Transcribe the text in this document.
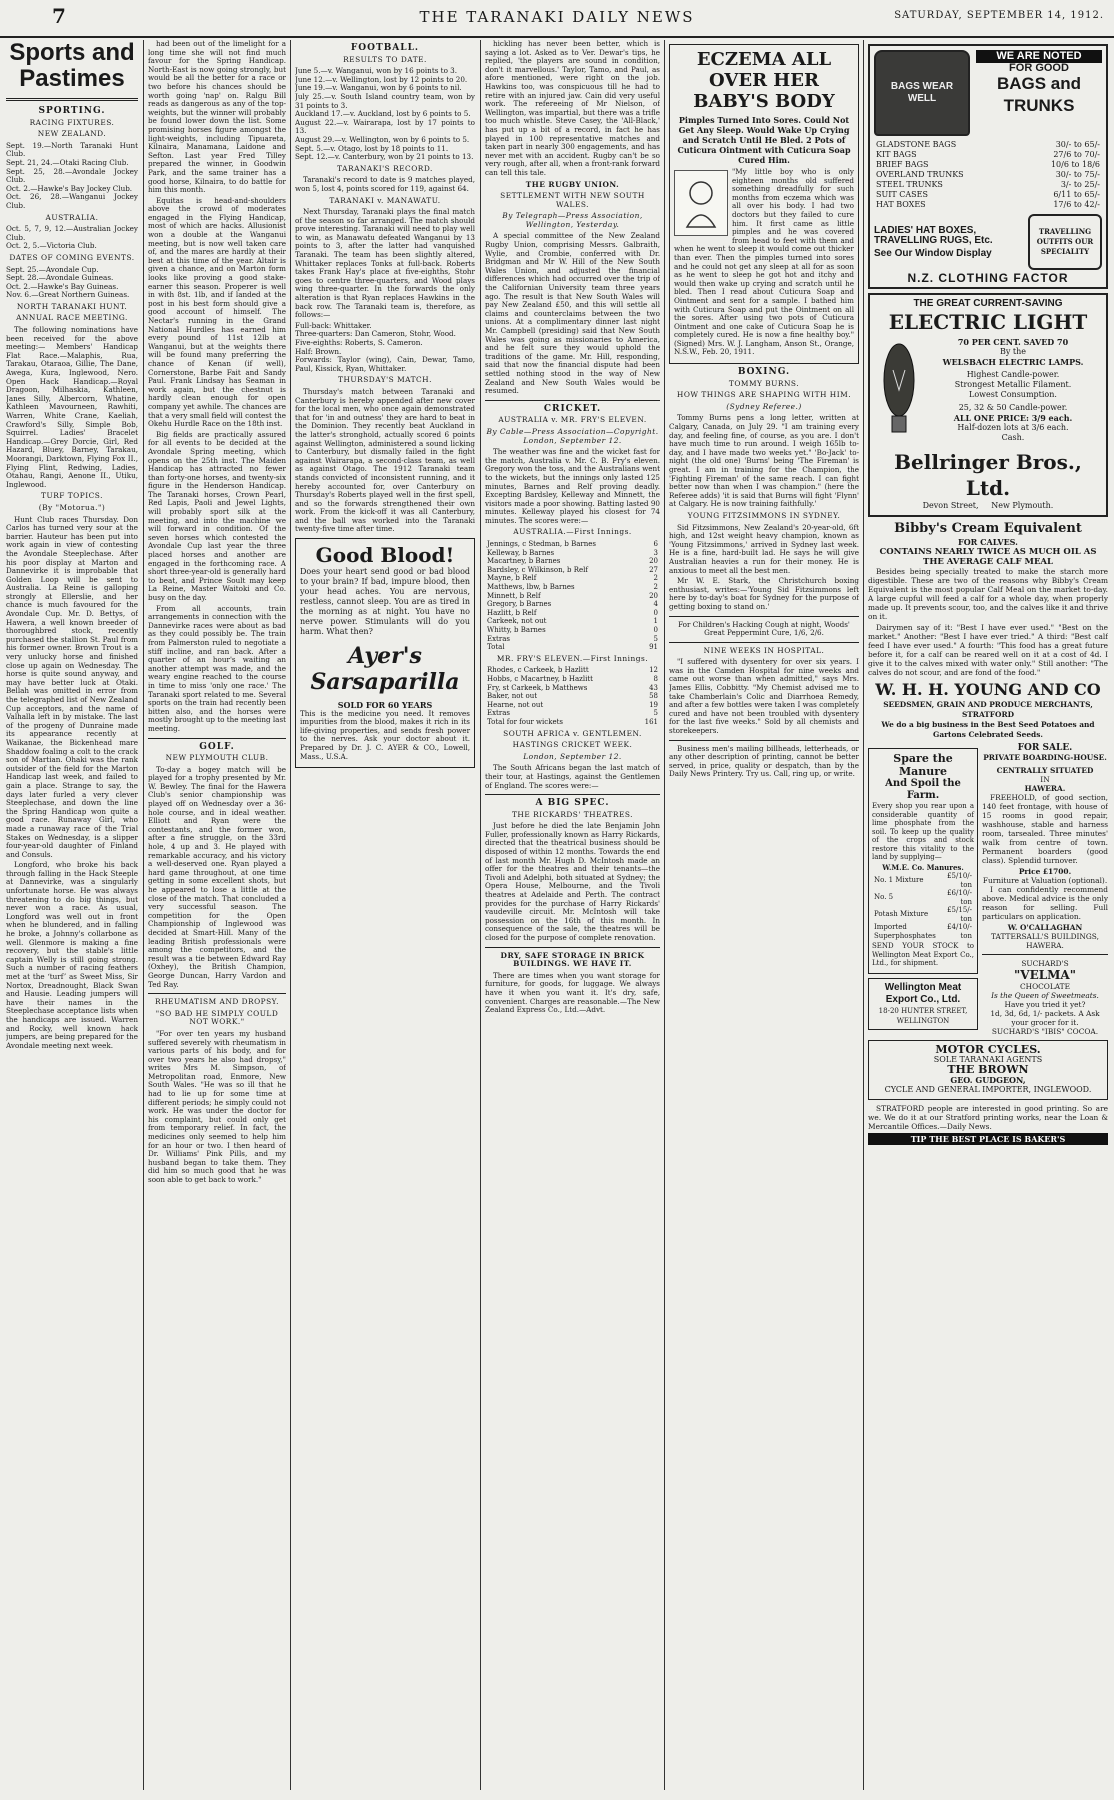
7	THE TARANAKI DAILY NEWS	SATURDAY, SEPTEMBER 14, 1912.
Sports and Pastimes
SPORTING.
RACING FIXTURES.
NEW ZEALAND.
Sept. 19.—North Taranaki Hunt Club.
Sept. 21, 24.—Otaki Racing Club.
Sept. 25, 28.—Avondale Jockey Club.
Oct. 2.—Hawke's Bay Jockey Club.
Oct. 26, 28.—Wanganui Jockey Club.
AUSTRALIA.
Oct. 5, 7, 9, 12.—Australian Jockey Club.
Oct. 2, 5.—Victoria Club.
DATES OF COMING EVENTS.
Sept. 25.—Avondale Cup.
Sept. 28.—Avondale Guineas.
Oct. 2.—Hawke's Bay Guineas.
Nov. 6.—Great Northern Guineas.
NORTH TARANAKI HUNT.
ANNUAL RACE MEETING.

The following nominations have been received for the above meeting:— Members' Handicap Flat Race.—Malaphis, Rua, Tarakau, Otaraoa, Gillie, The Dane, Awega, Kura, Inglewood, Nero. Open Hack Handicap.—Royal Dragoon, Milhaskia, Kathleen, Janes Silly, Albercorn, Whatine, Kathleen Mavourneen, Rawhiti, Warren, White Crane, Kaeliah, Crawford's Silly, Simple Bob, Squirrel. Ladies' Bracelet Handicap.—Grey Dorcie, Girl, Red Hazard, Bluey, Barney, Tarakau, Moorangi, Darktown, Flying Fox II., Flying Flint, Redwing, Ladies, Otahau, Rangi, Aenone II., Utiku, Inglewood.

TURF TOPICS.
(By "Motorua.")

Hunt Club races Thursday. Don Carlos has turned very sour at the barrier. Hauteur has been put into work again in view of contesting the Avondale Steeplechase. After his poor display at Marton and Dannevirke it is improbable that Golden Loop will be sent to Australia. La Reine is galloping strongly at Ellerslie, and her chance is much favoured for the Avondale Cup. Mr. D. Bettys, of Hawera, a well known breeder of thoroughbred stock, recently purchased the stallion St. Paul from his former owner. Brown Trout is a very unlucky horse and finished close up again on Wednesday. The horse is quite sound anyway, and may have better luck at Otaki. Bellah was omitted in error from the telegraphed list of New Zealand Cup acceptors, and the name of Valhalla left in by mistake. The last of the progeny of Dunraine made its appearance recently at Waikanae, the Bickenhead mare Shaddow foaling a colt to the crack son of Martian. Ohaki was the rank outsider of the field for the Marton Handicap last week, and failed to gain a place. Strange to say, the days later furled a very clever Steeplechase, and down the line the Spring Handicap won quite a good race. Runaway Girl, who made a runaway race of the Trial Stakes on Wednesday, is a slipper four-year-old daughter of Finland and Consuls.

Longford, who broke his back through falling in the Hack Steeple at Dannevirke, was a singularly unfortunate horse. He was always threatening to do big things, but never won a race. As usual, Longford was well out in front when he blundered, and in falling he broke, a Johnny's collarbone as well. Glenmore is making a fine recovery, but the stable's little captain Welly is still going strong. Such a number of racing feathers met at the ‘turf’ as Sweet Miss, Sir Nortox, Dreadnought, Black Swan and Hausie. Leading jumpers will have their names in the Steeplechase acceptance lists when the handicaps are issued. Warren and Rocky, well known hack jumpers, are being prepared for the Avondale meeting next week.

had been out of the limelight for a long time she will not find much favour for the Spring Handicap. North-East is now going strongly, but would be all the better for a race or two before his chances should be worth going 'nap' on. Ralgu Bill reads as dangerous as any of the top-weights, but the winner will probably be found lower down the list. Some promising horses figure amongst the light-weights, including Tipuareta, Kilnaira, Manamana, Laidone and Sefton. Last year Fred Tilley prepared the winner, in Goodwin Park, and the same trainer has a good horse, Kilnaira, to do battle for him this month.

Equitas is head-and-shoulders above the crowd of moderates engaged in the Flying Handicap, most of which are hacks. Allusionist won a double at the Wanganui meeting, but is now well taken care of, and the mares are hardly at their best at this time of the year. Altair is given a chance, and on Marton form looks like proving a good stake-earner this season. Properer is well in with 8st. 1lb, and if landed at the post in his best form should give a good account of himself. The Nectar's running in the Grand National Hurdles has earned him every pound of 11st 12lb at Wanganui, but at the weights there will be found many preferring the chance of Kenan (if well), Cornerstone, Barbe Fait and Sandy Paul. Frank Lindsay has Seaman in work again, but the chestnut is hardly clean enough for open company yet awhile. The chances are that a very small field will contest the Okehu Hurdle Race on the 18th inst.

Big fields are practically assured for all events to be decided at the Avondale Spring meeting, which opens on the 25th inst. The Maiden Handicap has attracted no fewer than forty-one horses, and twenty-six figure in the Henderson Handicap. The Taranaki horses, Crown Pearl, Red Lapis, Paoli and Jewel Lights, will probably sport silk at the meeting, and into the machine we will forward in condition. Of the seven horses which contested the Avondale Cup last year the three placed horses and another are engaged in the forthcoming race. A short three-year-old is generally hard to beat, and Prince Soult may keep La Reine, Master Waitoki and Co. busy on the day.

From all accounts, train arrangements in connection with the Dannevirke races were about as bad as they could possibly be. The train from Palmerston ruled to negotiate a stiff incline, and ran back. After a quarter of an hour's waiting an another attempt was made, and the weary engine reached to the course in time to miss 'only one race.' The Taranaki sport related to me. Several sports on the train had recently been bitten also, and the horses were mostly brought up to the meeting last meeting.

GOLF.
NEW PLYMOUTH CLUB.

To-day a bogey match will be played for a trophy presented by Mr. W. Bewley. The final for the Hawera Club's senior championship was played off on Wednesday over a 36-hole course, and in ideal weather. Elliott and Ryan were the contestants, and the former won, after a fine struggle, on the 33rd hole, 4 up and 3. He played with remarkable accuracy, and his victory a well-deserved one. Ryan played a hard game throughout, at one time getting in some excellent shots, but he appeared to lose a little at the close of the match. That concluded a very successful season. The competition for the Open Championship of Inglewood was decided at Smart-Hill. Many of the leading British professionals were among the competitors, and the result was a tie between Edward Ray (Oxhey), the British Champion, George Duncan, Harry Vardon and Ted Ray.

RHEUMATISM AND DROPSY.
"SO BAD HE SIMPLY COULD NOT WORK."

"For over ten years my husband suffered severely with rheumatism in various parts of his body, and for over two years he also had dropsy," writes Mrs M. Simpson, of Metropolitan road, Enmore, New South Wales. "He was so ill that he had to lie up for some time at different periods; he simply could not work. He was under the doctor for his complaint, but could only get from temporary relief. In fact, the medicines only seemed to help him for an hour or two. I then heard of Dr. Williams' Pink Pills, and my husband began to take them. They did him so much good that he was soon able to get back to work."

FOOTBALL.
RESULTS TO DATE.
June 5.—v. Wanganui, won by 16 points to 3.
June 12.—v. Wellington, lost by 12 points to 20.
June 19.—v. Wanganui, won by 6 points to nil.
July 25.—v. South Island country team, won by 31 points to 3.
Auckland 17.—v. Auckland, lost by 6 points to 5.
August 22.—v. Wairarapa, lost by 17 points to 13.
August 29.—v. Wellington, won by 6 points to 5.
Sept. 5.—v. Otago, lost by 18 points to 11.
Sept. 12.—v. Canterbury, won by 21 points to 13.
TARANAKI'S RECORD.

Taranaki's record to date is 9 matches played, won 5, lost 4, points scored for 119, against 64.

TARANAKI v. MANAWATU.

Next Thursday, Taranaki plays the final match of the season so far arranged. The match should prove interesting. Taranaki will need to play well to win, as Manawatu defeated Wanganui by 13 points to 3, after the latter had vanquished Taranaki. The team has been slightly altered, Whittaker replaces Tonks at full-back. Roberts takes Frank Hay's place at five-eighths, Stohr goes to centre three-quarters, and Wood plays wing three-quarter. In the forwards the only alteration is that Ryan replaces Hawkins in the back row. The Taranaki team is, therefore, as follows:—

Full-back: Whittaker.
Three-quarters: Dan Cameron, Stohr, Wood.
Five-eighths: Roberts, S. Cameron.
Half: Brown.
Forwards: Taylor (wing), Cain, Dewar, Tamo, Paul, Kissick, Ryan, Whittaker.
THURSDAY'S MATCH.

Thursday's match between Taranaki and Canterbury is hereby appended after new cover for the local men, who once again demonstrated that for 'in and outness' they are hard to beat in the Dominion. They recently beat Auckland in the latter's stronghold, actually scored 6 points against Wellington, administered a sound licking to Canterbury, but dismally failed in the fight against Wairarapa, a second-class team, as well as against Otago. The 1912 Taranaki team stands convicted of inconsistent running, and it hereby accounted for, over Canterbury on Thursday's Roberts played well in the first spell, and so the forwards strengthened their own work. From the kick-off it was all Canterbury, and the ball was worked into the Taranaki twenty-five time after time.

Good Blood!

Does your heart send good or bad blood to your brain? If bad, impure blood, then your head aches. You are nervous, restless, cannot sleep. You are as tired in the morning as at night. You have no nerve power. Stimulants will do you harm. What then?

Ayer's Sarsaparilla
SOLD FOR 60 YEARS

This is the medicine you need. It removes impurities from the blood, makes it rich in its life-giving properties, and sends fresh power to the nerves. Ask your doctor about it. Prepared by Dr. J. C. AYER & CO., Lowell, Mass., U.S.A.

hickling has never been better, which is saying a lot. Asked as to Ver. Dewar's tips, he replied, 'the players are sound in condition, don't it marvellous.' Taylor, Tamo, and Paul, as afore mentioned, were right on the job. Hawkins too, was conspicuous till he had to retire with an injured jaw. Cain did very useful work. The refereeing of Mr Nielson, of Wellington, was impartial, but there was a trifle too much whistle. Steve Casey, the 'All-Black,' has put up a bit of a record, in fact he has played in 100 representative matches and taken part in nearly 300 engagements, and has never met with an accident. Rugby can't be so very rough, after all, when a front-rank forward can tell this tale.

THE RUGBY UNION.
SETTLEMENT WITH NEW SOUTH WALES.
By Telegraph—Press Association, Wellington, Yesterday.

A special committee of the New Zealand Rugby Union, comprising Messrs. Galbraith, Wylie, and Crombie, conferred with Dr. Bridgman and Mr W. Hill of the New South Wales Union, and adjusted the financial differences which had occurred over the trip of the Californian University team three years ago. The result is that New South Wales will pay New Zealand £50, and this will settle all claims and counterclaims between the two unions. At a complimentary dinner last night Mr. Campbell (presiding) said that New South Wales was going as missionaries to America, and he felt sure they would uphold the traditions of the game. Mr. Hill, responding, said that now the financial dispute had been settled nothing stood in the way of New Zealand and New South Wales would be resumed.

CRICKET.
AUSTRALIA v. MR. FRY'S ELEVEN.
By Cable—Press Association—Copyright. London, September 12.

The weather was fine and the wicket fast for the match, Australia v. Mr. C. B. Fry's eleven. Gregory won the toss, and the Australians went to the wickets, but the innings only lasted 125 minutes, Barnes and Relf proving deadly. Excepting Bardsley, Kelleway and Minnett, the visitors made a poor showing. Batting lasted 90 minutes. Kelleway played his closest for 74 minutes. The scores were:—

AUSTRALIA.—First Innings.
Jennings, c Stedman, b Barnes	6
Kelleway, b Barnes	3
Macartney, b Barnes	20
Bardsley, c Wilkinson, b Relf	27
Mayne, b Relf	2
Matthews, lbw, b Barnes	2
Minnett, b Relf	20
Gregory, b Barnes	4
Hazlitt, b Relf	0
Carkeek, not out	1
Whitty, b Barnes	0
Extras	5
Total	91
MR. FRY'S ELEVEN.—First Innings.
Rhodes, c Carkeek, b Hazlitt	12
Hobbs, c Macartney, b Hazlitt	8
Fry, st Carkeek, b Matthews	43
Baker, not out	58
Hearne, not out	19
Extras	5
Total for four wickets	161
SOUTH AFRICA v. GENTLEMEN.
HASTINGS CRICKET WEEK.
London, September 12.

The South Africans began the last match of their tour, at Hastings, against the Gentlemen of England. The scores were:—

A BIG SPEC.
THE RICKARDS' THEATRES.

Just before he died the late Benjamin John Fuller, professionally known as Harry Rickards, directed that the theatrical business should be disposed of within 12 months. Towards the end of last month Mr. Hugh D. McIntosh made an offer for the theatres and their tenants—the Tivoli and Adelphi, both situated at Sydney; the Opera House, Melbourne, and the Tivoli theatres at Adelaide and Perth. The contract provides for the purchase of Harry Rickards' vaudeville circuit. Mr. McIntosh will take possession on the 16th of this month. In consequence of the sale, the theatres will be closed for the purpose of complete renovation.

DRY, SAFE STORAGE IN BRICK BUILDINGS. WE HAVE IT.

There are times when you want storage for furniture, for goods, for luggage. We always have it when you want it. It's dry, safe, convenient. Charges are reasonable.—The New Zealand Express Co., Ltd.—Advt.

ECZEMA ALL OVER HER BABY'S BODY
Pimples Turned Into Sores. Could Not Get Any Sleep. Would Wake Up Crying and Scratch Until He Bled. 2 Pots of Cuticura Ointment with Cuticura Soap Cured Him.

"My little boy who is only eighteen months old suffered something dreadfully for such months from eczema which was all over his body. I had two doctors but they failed to cure him. It first came as little pimples and he was covered from head to feet with them and when he went to sleep it would come out thicker than ever. Then the pimples turned into sores and he could not get any sleep at all for as soon as he went to sleep he got hot and itchy and would then wake up crying and scratch until he bled. Then I read about Cuticura Soap and Ointment and sent for a sample. I bathed him with Cuticura Soap and put the Ointment on all the sores. After using two pots of Cuticura Ointment and one cake of Cuticura Soap he is completely cured. He is now a fine healthy boy." (Signed) Mrs. W. J. Langham, Anson St., Orange, N.S.W., Feb. 20, 1911.

BOXING.
TOMMY BURNS.
HOW THINGS ARE SHAPING WITH HIM.
(Sydney Referee.)

Tommy Burns pens a long letter, written at Calgary, Canada, on July 29. "I am training every day, and feeling fine, of course, as you are. I don't have much time to run around. I weigh 165lb to-day, and I have made two weeks yet." 'Bo-Jack' to-night (the old one) 'Burns' being 'The Fireman' is great. I am in training for the Champion, the 'Fighting Fireman' of the same reach. I can fight better now than when I was champion." (here the Referee adds) 'it is said that Burns will fight 'Flynn' at Calgary. He is now training faithfully.'

YOUNG FITZSIMMONS IN SYDNEY.

Sid Fitzsimmons, New Zealand's 20-year-old, 6ft high, and 12st weight heavy champion, known as 'Young Fitzsimmons,' arrived in Sydney last week. He is a fine, hard-built lad. He says he will give Australian heavies a run for their money. He is anxious to meet all the best men.

Mr W. E. Stark, the Christchurch boxing enthusiast, writes:—'Young Sid Fitzsimmons left here by to-day's boat for Sydney for the purpose of getting boxing to stand on.'

For Children's Hacking Cough at night, Woods' Great Peppermint Cure, 1/6, 2/6.
NINE WEEKS IN HOSPITAL.

"I suffered with dysentery for over six years. I was in the Camden Hospital for nine weeks and came out worse than when admitted," says Mrs. James Ellis, Cobbitty. "My Chemist advised me to take Chamberlain's Colic and Diarrhoea Remedy, and after a few bottles were taken I was completely cured and have not been troubled with dysentery for the last five weeks." Sold by all chemists and storekeepers.

Business men's mailing billheads, letterheads, or any other description of printing, cannot be better served, in price, quality or despatch, than by the Daily News Printery. Try us. Call, ring up, or write.

BAGS WEAR WELL
WE ARE NOTED
FOR GOOD
BAGS and TRUNKS
GLADSTONE BAGS	30/- to 65/-
KIT BAGS	27/6 to 70/-
BRIEF BAGS	10/6 to 18/6
OVERLAND TRUNKS	30/- to 75/-
STEEL TRUNKS	3/- to 25/-
SUIT CASES	6/11 to 65/-
HAT BOXES	17/6 to 42/-
LADIES' HAT BOXES, TRAVELLING RUGS, Etc.
See Our Window Display
TRAVELLING OUTFITS OUR SPECIALITY
N.Z. CLOTHING FACTOR
THE GREAT CURRENT-SAVING
ELECTRIC LIGHT
70 PER CENT. SAVED 70
By the
WELSBACH ELECTRIC LAMPS.
Highest Candle-power.
Strongest Metallic Filament.
Lowest Consumption.
25, 32 & 50 Candle-power.
ALL ONE PRICE: 3/9 each.
Half-dozen lots at 3/6 each.
Cash.
Bellringer Bros., Ltd.
Devon Street,     New Plymouth.
Bibby's Cream Equivalent
FOR CALVES.
CONTAINS NEARLY TWICE AS MUCH OIL AS THE AVERAGE CALF MEAL

Besides being specially treated to make the starch more digestible. These are two of the reasons why Bibby's Cream Equivalent is the most popular Calf Meal on the market to-day. A large cupful will feed a calf for a whole day, when properly made up. It prevents scour, too, and the calves like it and thrive on it.

Dairymen say of it: "Best I have ever used." "Best on the market." Another: "Best I have ever tried." A third: "Best calf feed I have ever used." A fourth: "This food has a great future before it, for a calf can be reared well on it at a cost of 4d. I give it to the calves mixed with water only." Still another: "The calves do not scour, and are fond of the food."

W. H. H. YOUNG AND CO
SEEDSMEN, GRAIN AND PRODUCE MERCHANTS, STRATFORD
We do a big business in the Best Seed Potatoes and Gartons Celebrated Seeds.
Spare the Manure
And Spoil the Farm.

Every shop you rear upon a considerable quantity of lime phosphate from the soil. To keep up the quality of the crops and stock restore this vitality to the land by supplying—

W.M.E. Co. Manures.
No. 1 Mixture	£5/10/- ton
No. 5	£6/10/- ton
Potash Mixture	£5/15/- ton
Imported Superphosphates	£4/10/- ton

SEND YOUR STOCK to Wellington Meat Export Co., Ltd., for shipment.

Wellington Meat Export Co., Ltd.
18-20 HUNTER STREET, WELLINGTON
FOR SALE.
PRIVATE BOARDING-HOUSE.
CENTRALLY SITUATED
IN
HAWERA.

FREEHOLD, of good section, 140 feet frontage, with house of 15 rooms in good repair, washhouse, stable and harness room, tarsealed. Three minutes' walk from centre of town. Permanent boarders (good class). Splendid turnover.

Price £1700.
Furniture at Valuation (optional).

I can confidently recommend above. Medical advice is the only reason for selling. Full particulars on application.

W. O'CALLAGHAN
TATTERSALL'S BUILDINGS, HAWERA.
SUCHARD'S
"VELMA"
CHOCOLATE
Is the Queen of Sweetmeats.
Have you tried it yet?
1d, 3d, 6d, 1/- packets. A Ask your grocer for it.
SUCHARD'S "IBIS" COCOA.
MOTOR CYCLES.
SOLE TARANAKI AGENTS
THE BROWN
GEO. GUDGEON,
CYCLE AND GENERAL IMPORTER, INGLEWOOD.

STRATFORD people are interested in good printing. So are we. We do it at our Stratford printing works, near the Loan & Mercantile Offices.—Daily News.

TIP THE BEST PLACE IS BAKER'S
